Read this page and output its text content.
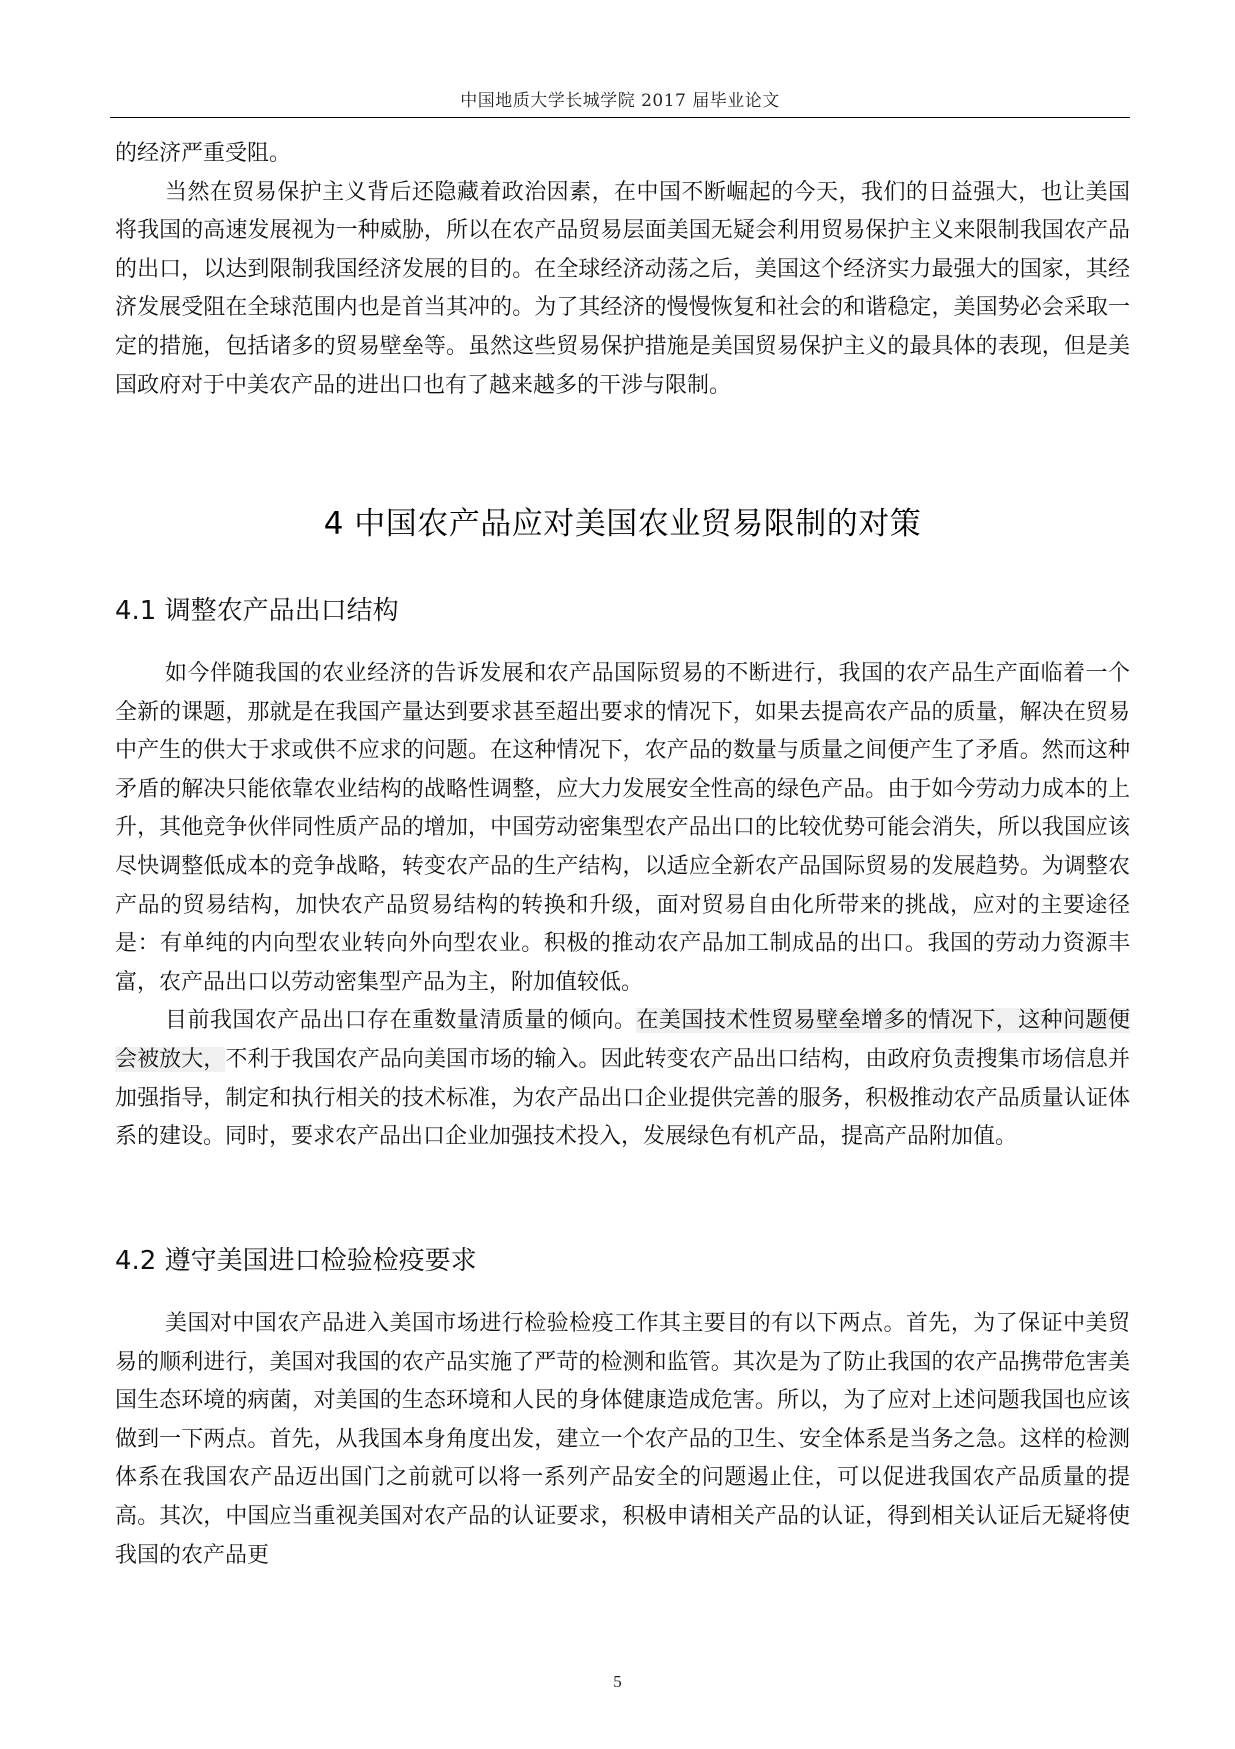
中国地质大学长城学院 2017 届毕业论文

的经济严重受阻。

当然在贸易保护主义背后还隐藏着政治因素，在中国不断崛起的今天，我们的日益强大，也让美国将我国的高速发展视为一种威胁，所以在农产品贸易层面美国无疑会利用贸易保护主义来限制我国农产品的出口，以达到限制我国经济发展的目的。在全球经济动荡之后，美国这个经济实力最强大的国家，其经济发展受阻在全球范围内也是首当其冲的。为了其经济的慢慢恢复和社会的和谐稳定，美国势必会采取一定的措施，包括诸多的贸易壁垒等。虽然这些贸易保护措施是美国贸易保护主义的最具体的表现，但是美国政府对于中美农产品的进出口也有了越来越多的干涉与限制。

4 中国农产品应对美国农业贸易限制的对策
4.1 调整农产品出口结构

如今伴随我国的农业经济的告诉发展和农产品国际贸易的不断进行，我国的农产品生产面临着一个全新的课题，那就是在我国产量达到要求甚至超出要求的情况下，如果去提高农产品的质量，解决在贸易中产生的供大于求或供不应求的问题。在这种情况下，农产品的数量与质量之间便产生了矛盾。然而这种矛盾的解决只能依靠农业结构的战略性调整，应大力发展安全性高的绿色产品。由于如今劳动力成本的上升，其他竞争伙伴同性质产品的增加，中国劳动密集型农产品出口的比较优势可能会消失，所以我国应该尽快调整低成本的竞争战略，转变农产品的生产结构，以适应全新农产品国际贸易的发展趋势。为调整农产品的贸易结构，加快农产品贸易结构的转换和升级，面对贸易自由化所带来的挑战，应对的主要途径是：有单纯的内向型农业转向外向型农业。积极的推动农产品加工制成品的出口。我国的劳动力资源丰富，农产品出口以劳动密集型产品为主，附加值较低。

目前我国农产品出口存在重数量清质量的倾向。在美国技术性贸易壁垒增多的情况下，这种问题便会被放大，不利于我国农产品向美国市场的输入。因此转变农产品出口结构，由政府负责搜集市场信息并加强指导，制定和执行相关的技术标准，为农产品出口企业提供完善的服务，积极推动农产品质量认证体系的建设。同时，要求农产品出口企业加强技术投入，发展绿色有机产品，提高产品附加值。

4.2 遵守美国进口检验检疫要求

美国对中国农产品进入美国市场进行检验检疫工作其主要目的有以下两点。首先，为了保证中美贸易的顺利进行，美国对我国的农产品实施了严苛的检测和监管。其次是为了防止我国的农产品携带危害美国生态环境的病菌，对美国的生态环境和人民的身体健康造成危害。所以，为了应对上述问题我国也应该做到一下两点。首先，从我国本身角度出发，建立一个农产品的卫生、安全体系是当务之急。这样的检测体系在我国农产品迈出国门之前就可以将一系列产品安全的问题遏止住，可以促进我国农产品质量的提高。其次，中国应当重视美国对农产品的认证要求，积极申请相关产品的认证，得到相关认证后无疑将使我国的农产品更

5
